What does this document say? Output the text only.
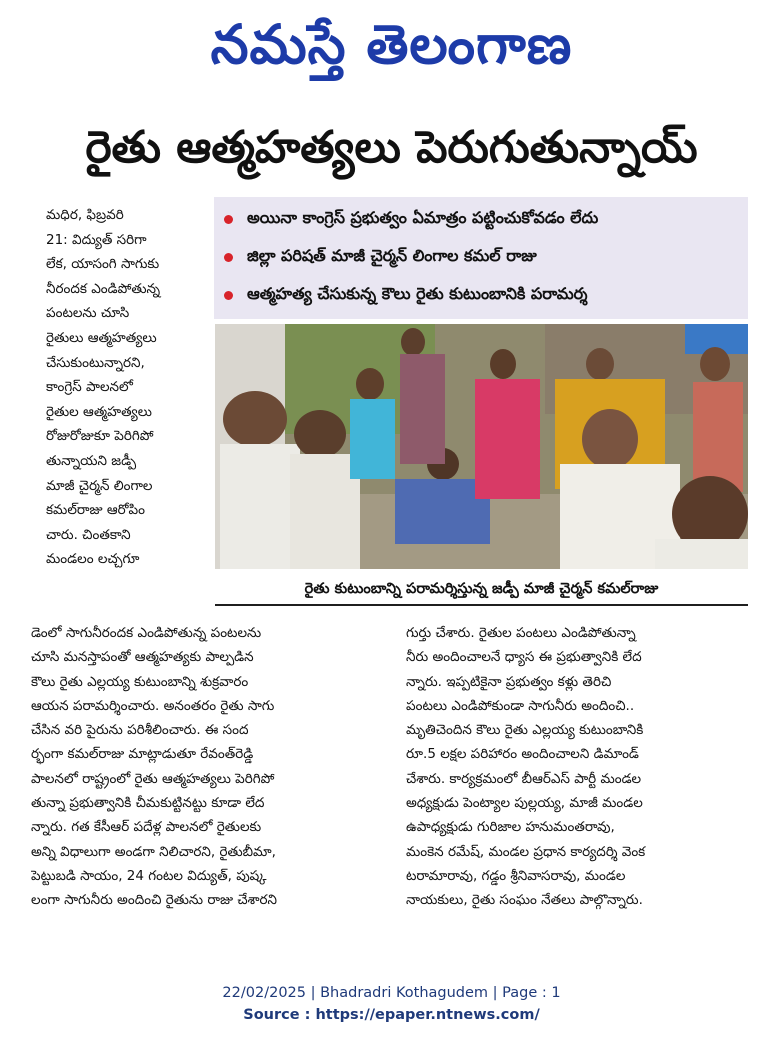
నమస్తే తెలంగాణ
రైతు ఆత్మహత్యలు పెరుగుతున్నాయ్
అయినా కాంగ్రెస్ ప్రభుత్వం ఏమాత్రం పట్టించుకోవడం లేదు
జిల్లా పరిషత్ మాజీ చైర్మన్ లింగాల కమల్ రాజు
ఆత్మహత్య చేసుకున్న కౌలు రైతు కుటుంబానికి పరామర్శ
రైతు కుటుంబాన్ని పరామర్శిస్తున్న జడ్పీ మాజీ చైర్మన్ కమల్‌రాజు

మధిర, ఫిబ్రవరి

21: విద్యుత్ సరిగా

లేక, యాసంగి సాగుకు

నీరందక ఎండిపోతున్న

పంటలను చూసి

రైతులు ఆత్మహత్యలు

చేసుకుంటున్నారని,

కాంగ్రెస్ పాలనలో

రైతుల ఆత్మహత్యలు

రోజురోజుకూ పెరిగిపో

తున్నాయని జడ్పీ

మాజీ చైర్మన్ లింగాల

కమల్‌రాజు ఆరోపిం

చారు. చింతకాని

మండలం లచ్చగూ

డెంలో సాగునీరందక ఎండిపోతున్న పంటలను

చూసి మనస్తాపంతో ఆత్మహత్యకు పాల్పడిన

కౌలు రైతు ఎల్లయ్య కుటుంబాన్ని శుక్రవారం

ఆయన పరామర్శించారు. అనంతరం రైతు సాగు

చేసిన వరి పైరును పరిశీలించారు. ఈ సంద

ర్భంగా కమల్‌రాజు మాట్లాడుతూ రేవంత్‌రెడ్డి

పాలనలో రాష్ట్రంలో రైతు ఆత్మహత్యలు పెరిగిపో

తున్నా ప్రభుత్వానికి చీమకుట్టినట్టు కూడా లేద

న్నారు. గత కేసీఆర్ పదేళ్ల పాలనలో రైతులకు

అన్ని విధాలుగా అండగా నిలిచారని, రైతుబీమా,

పెట్టుబడి సాయం, 24 గంటల విద్యుత్, పుష్క

లంగా సాగునీరు అందించి రైతును రాజు చేశారని

గుర్తు చేశారు. రైతుల పంటలు ఎండిపోతున్నా

నీరు అందించాలనే ధ్యాస ఈ ప్రభుత్వానికి లేద

న్నారు. ఇప్పటికైనా ప్రభుత్వం కళ్లు తెరిచి

పంటలు ఎండిపోకుండా సాగునీరు అందించి..

మృతిచెందిన కౌలు రైతు ఎల్లయ్య కుటుంబానికి

రూ.5 లక్షల పరిహారం అందించాలని డిమాండ్

చేశారు. కార్యక్రమంలో బీఆర్‌ఎస్ పార్టీ మండల

అధ్యక్షుడు పెంట్యాల పుల్లయ్య, మాజీ మండల

ఉపాధ్యక్షుడు గురిజాల హనుమంతరావు,

మంకెన రమేష్, మండల ప్రధాన కార్యదర్శి వెంక

టరామారావు, గడ్డం శ్రీనివాసరావు, మండల

నాయకులు, రైతు సంఘం నేతలు పాల్గొన్నారు.

22/02/2025 | Bhadradri Kothagudem | Page : 1
Source : https://epaper.ntnews.com/
